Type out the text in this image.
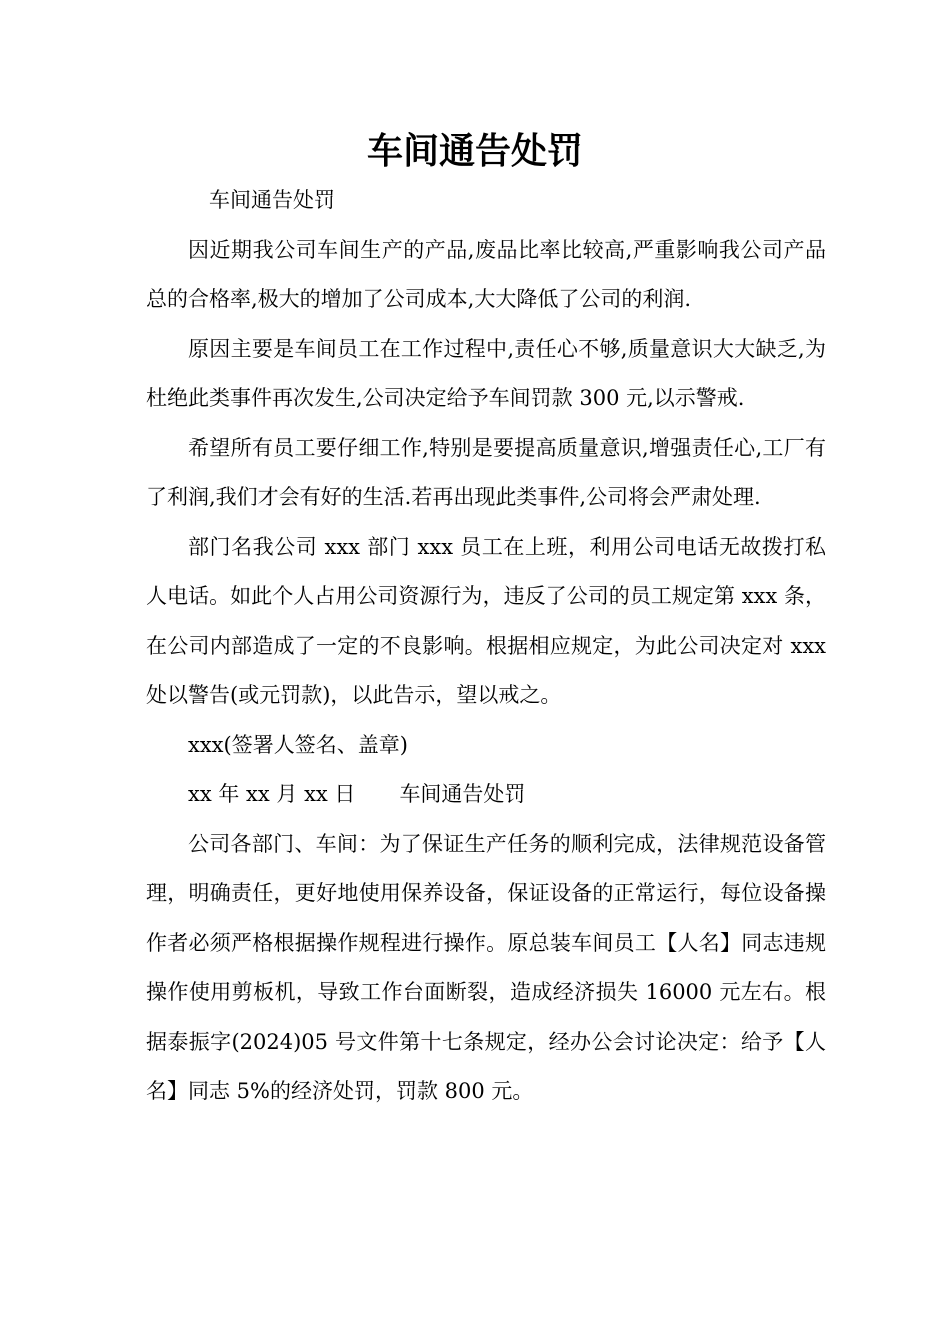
车间通告处罚

车间通告处罚

因近期我公司车间生产的产品,废品比率比较高,严重影响我公司产品总的合格率,极大的增加了公司成本,大大降低了公司的利润.

原因主要是车间员工在工作过程中,责任心不够,质量意识大大缺乏,为杜绝此类事件再次发生,公司决定给予车间罚款 300 元,以示警戒.

希望所有员工要仔细工作,特别是要提高质量意识,增强责任心,工厂有了利润,我们才会有好的生活.若再出现此类事件,公司将会严肃处理.

部门名我公司 xxx 部门 xxx 员工在上班，利用公司电话无故拨打私人电话。如此个人占用公司资源行为，违反了公司的员工规定第 xxx 条，在公司内部造成了一定的不良影响。根据相应规定，为此公司决定对 xxx 处以警告(或元罚款)，以此告示，望以戒之。

xxx(签署人签名、盖章)

xx 年 xx 月 xx 日 车间通告处罚

公司各部门、车间：为了保证生产任务的顺利完成，法律规范设备管理，明确责任，更好地使用保养设备，保证设备的正常运行，每位设备操作者必须严格根据操作规程进行操作。原总装车间员工【人名】同志违规操作使用剪板机，导致工作台面断裂，造成经济损失 16000 元左右。根据泰振字(2024)05 号文件第十七条规定，经办公会讨论决定：给予【人名】同志 5%的经济处罚，罚款 800 元。
